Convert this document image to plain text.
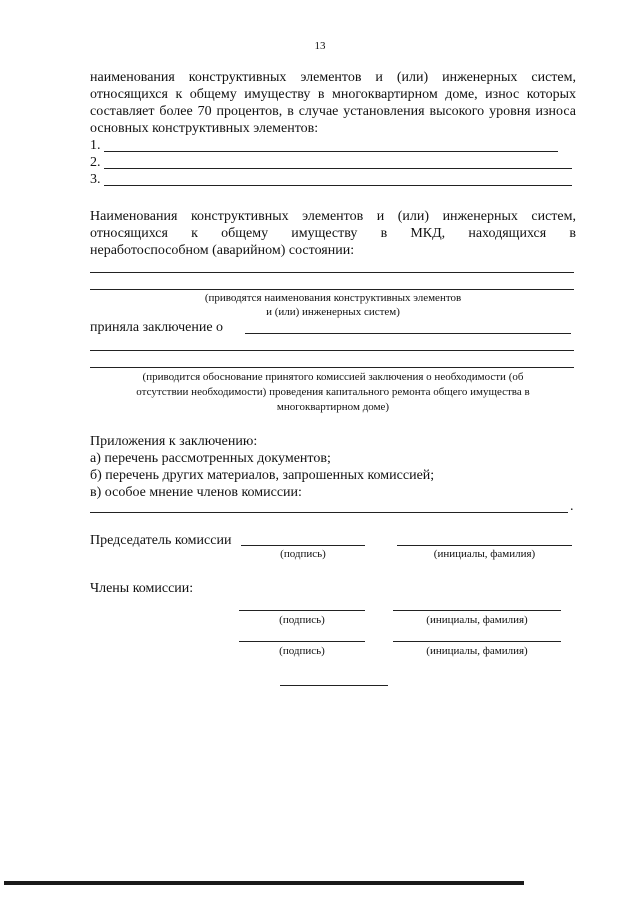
13
наименования конструктивных элементов и (или) инженерных систем, относящихся к общему имуществу в многоквартирном доме, износ которых составляет более 70 процентов, в случае установления высокого уровня износа основных конструктивных элементов:
1.
2.
3.
Наименования конструктивных элементов и (или) инженерных систем,
относящихся к общему имуществу в МКД, находящихся в
неработоспособном (аварийном) состоянии:
(приводятся наименования конструктивных элементов
и (или) инженерных систем)
приняла заключение о
(приводится обоснование принятого комиссией заключения о необходимости (об
отсутствии необходимости) проведения капитального ремонта общего имущества в
многоквартирном доме)
Приложения к заключению:
а) перечень рассмотренных документов;
б) перечень других материалов, запрошенных комиссией;
в) особое мнение членов комиссии:
.
Председатель комиссии
(подпись)	(инициалы, фамилия)
Члены комиссии:
(подпись)	(инициалы, фамилия)
(подпись)	(инициалы, фамилия)
